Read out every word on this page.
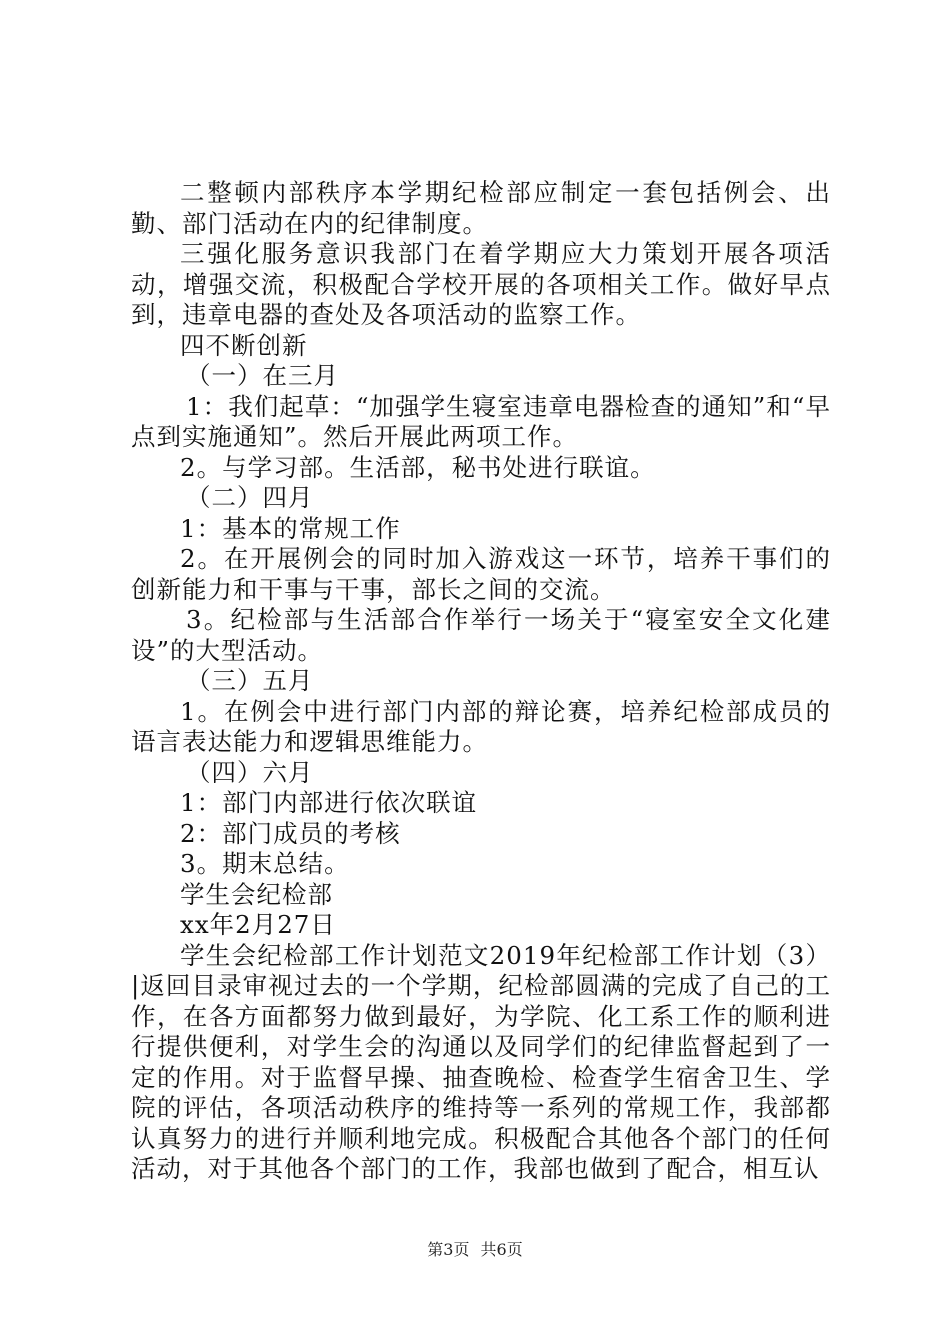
二整顿内部秩序本学期纪检部应制定一套包括例会、出勤、部门活动在内的纪律制度。

三强化服务意识我部门在着学期应大力策划开展各项活动，增强交流，积极配合学校开展的各项相关工作。做好早点到，违章电器的查处及各项活动的监察工作。

四不断创新

（一）在三月

1：我们起草：“加强学生寝室违章电器检查的通知”和“早点到实施通知”。然后开展此两项工作。

2。与学习部。生活部，秘书处进行联谊。

（二）四月

1：基本的常规工作

2。在开展例会的同时加入游戏这一环节，培养干事们的创新能力和干事与干事，部长之间的交流。

3。纪检部与生活部合作举行一场关于“寝室安全文化建设”的大型活动。

（三）五月

1。在例会中进行部门内部的辩论赛，培养纪检部成员的语言表达能力和逻辑思维能力。

（四）六月

1：部门内部进行依次联谊

2：部门成员的考核

3。期末总结。

学生会纪检部

xx年2月27日

学生会纪检部工作计划范文2019年纪检部工作计划（3）|返回目录审视过去的一个学期，纪检部圆满的完成了自己的工作，在各方面都努力做到最好，为学院、化工系工作的顺利进行提供便利，对学生会的沟通以及同学们的纪律监督起到了一定的作用。对于监督早操、抽查晚检、检查学生宿舍卫生、学院的评估，各项活动秩序的维持等一系列的常规工作，我部都认真努力的进行并顺利地完成。积极配合其他各个部门的任何活动，对于其他各个部门的工作，我部也做到了配合，相互认

第3页 共6页
